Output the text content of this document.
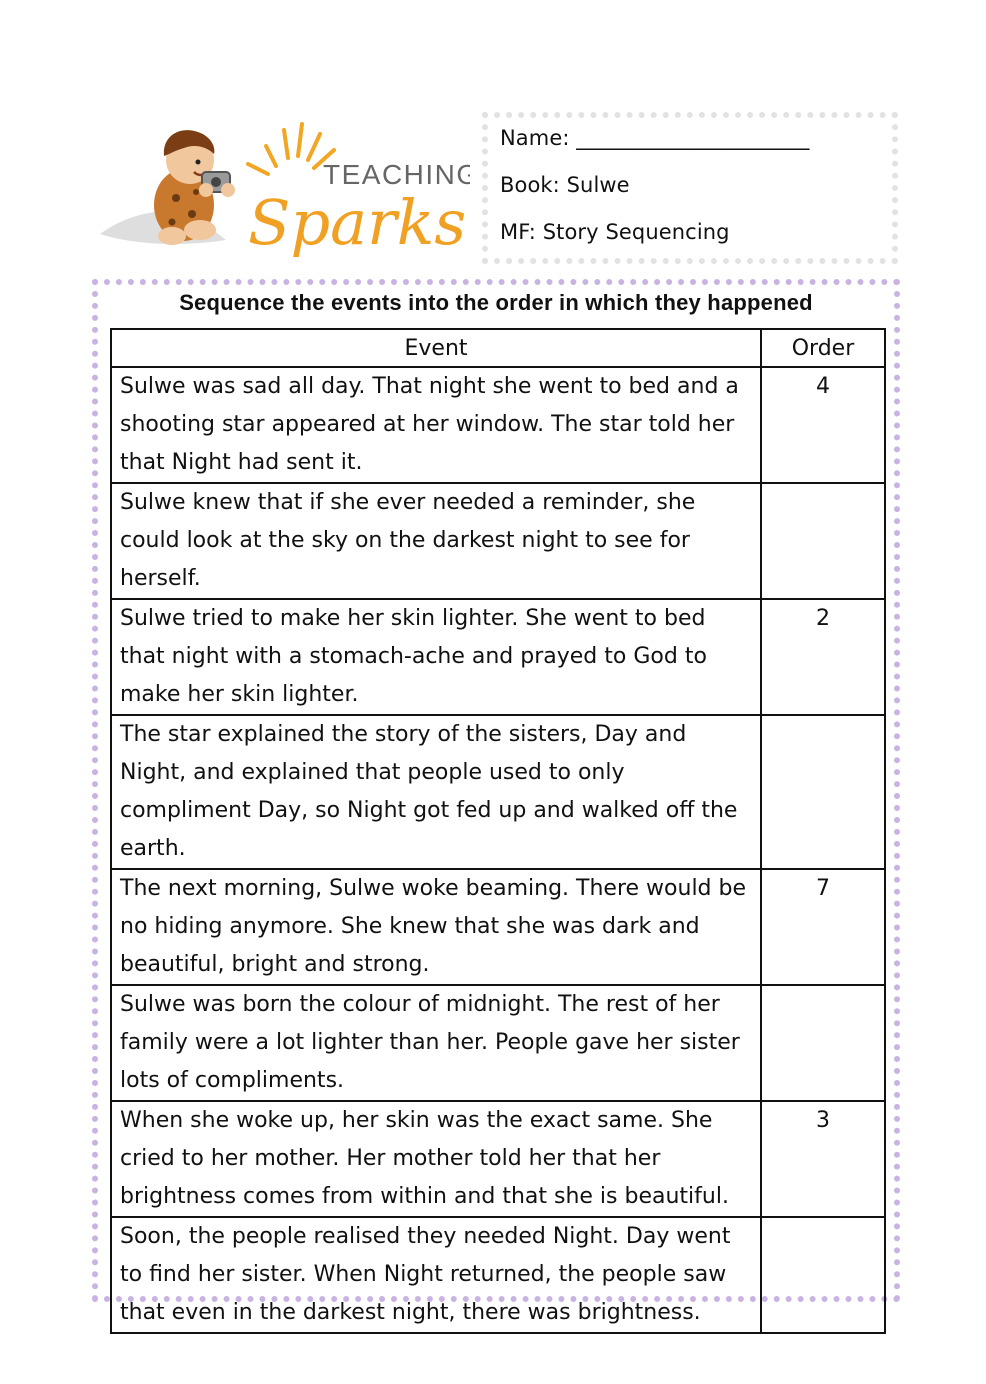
TEACHING
Sparks
Name: ______________________
Book: Sulwe
MF: Story Sequencing
Sequence the events into the order in which they happened
Event	Order
Sulwe was sad all day. That night she went to bed and a shooting star appeared at her window. The star told her that Night had sent it.	4
Sulwe knew that if she ever needed a reminder, she could look at the sky on the darkest night to see for herself.	
Sulwe tried to make her skin lighter. She went to bed that night with a stomach-ache and prayed to God to make her skin lighter.	2
The star explained the story of the sisters, Day and Night, and explained that people used to only compliment Day, so Night got fed up and walked off the earth.	
The next morning, Sulwe woke beaming. There would be no hiding anymore. She knew that she was dark and beautiful, bright and strong.	7
Sulwe was born the colour of midnight. The rest of her family were a lot lighter than her. People gave her sister lots of compliments.	
When she woke up, her skin was the exact same. She cried to her mother. Her mother told her that her brightness comes from within and that she is beautiful.	3
Soon, the people realised they needed Night. Day went to find her sister. When Night returned, the people saw that even in the darkest night, there was brightness.	
